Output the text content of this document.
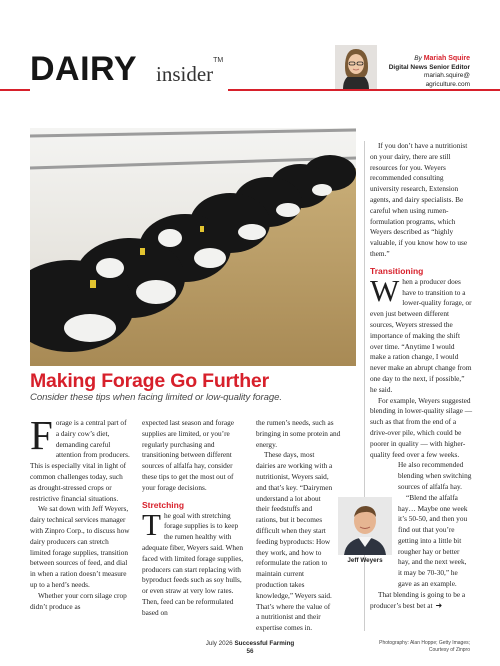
DAIRY insider™	By Mariah Squire
Digital News Senior Editor
mariah.squire@
agriculture.com
Making Forage Go Further
Consider these tips when facing limited or low-quality forage.

Forage is a central part of a dairy cow’s diet, demanding careful attention from producers. This is especially vital in light of common challenges today, such as drought-stressed crops or restrictive financial situations.

We sat down with Jeff Weyers, dairy technical services manager with Zinpro Corp., to discuss how dairy producers can stretch limited forage supplies, transition between sources of feed, and dial in when a ration doesn’t measure up to a herd’s needs.

Whether your corn silage crop didn’t produce as

expected last season and forage supplies are limited, or you’re regularly purchasing and transitioning between different sources of alfalfa hay, consider these tips to get the most out of your forage decisions.

Stretching

The goal with stretching forage supplies is to keep the rumen healthy with adequate fiber, Weyers said. When faced with limited forage supplies, producers can start replacing with byproduct feeds such as soy hulls, or even straw at very low rates. Then, feed can be reformulated based on

the rumen’s needs, such as bringing in some protein and energy.

These days, most dairies are working with a nutritionist, Weyers said, and that’s key. “Dairymen understand a lot about their feedstuffs and rations, but it becomes difficult when they start feeding byproducts: How they work, and how to reformulate the ration to maintain current production takes knowledge,” Weyers said. That’s where the value of a nutritionist and their expertise comes in.

If you don’t have a nutritionist on your dairy, there are still resources for you. Weyers recommended consulting university research, Extension agents, and dairy specialists. Be careful when using rumen-formulation programs, which Weyers described as “highly valuable, if you know how to use them.”

Transitioning

When a producer does have to transition to a lower-quality forage, or even just between different sources, Weyers stressed the importance of making the shift over time. “Anytime I would make a ration change, I would never make an abrupt change from one day to the next, if possible,” he said.

For example, Weyers suggested blending in lower-quality silage — such as that from the end of a drive-over pile, which could be poorer in quality — with higher-quality feed over a few weeks.

He also recommended blending when switching sources of alfalfa hay.

“Blend the alfalfa hay… Maybe one week it’s 50-50, and then you find out that you’re getting into a little bit rougher hay or better hay, and the next week, it may be 70-30,” he gave as an example.

That blending is going to be a producer’s best bet at ➜

Jeff Weyers
July 2026 Successful Farming
56
Photography: Alan Hoppe; Getty Images;
Courtesy of Zinpro
